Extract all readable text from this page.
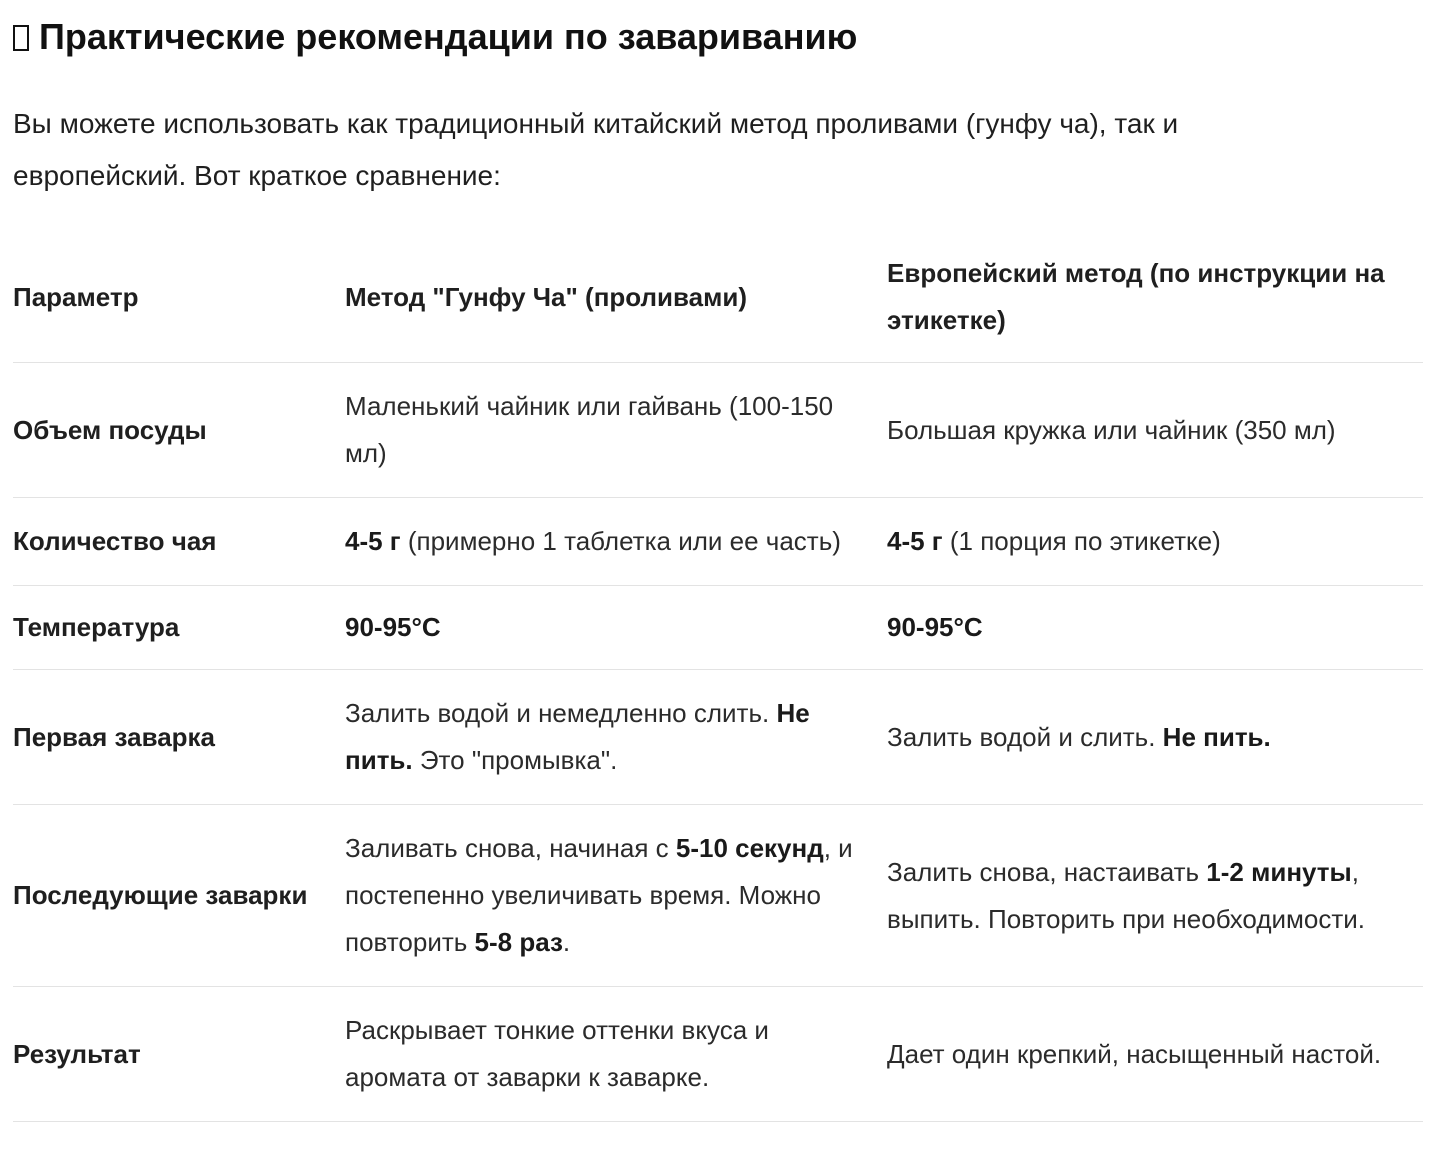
Практические рекомендации по завариванию

Вы можете использовать как традиционный китайский метод проливами (гунфу ча), так и европейский. Вот краткое сравнение:

Параметр	Метод "Гунфу Ча" (проливами)	Европейский метод (по инструкции на этикетке)
Объем посуды	Маленький чайник или гайвань (100-150 мл)	Большая кружка или чайник (350 мл)
Количество чая	4-5 г (примерно 1 таблетка или ее часть)	4-5 г (1 порция по этикетке)
Температура	90-95°C	90-95°C
Первая заварка	Залить водой и немедленно слить. Не пить. Это "промывка".	Залить водой и слить. Не пить.
Последующие заварки	Заливать снова, начиная с 5-10 секунд, и постепенно увеличивать время. Можно повторить 5-8 раз.	Залить снова, настаивать 1-2 минуты, выпить. Повторить при необходимости.
Результат	Раскрывает тонкие оттенки вкуса и аромата от заварки к заварке.	Дает один крепкий, насыщенный настой.
